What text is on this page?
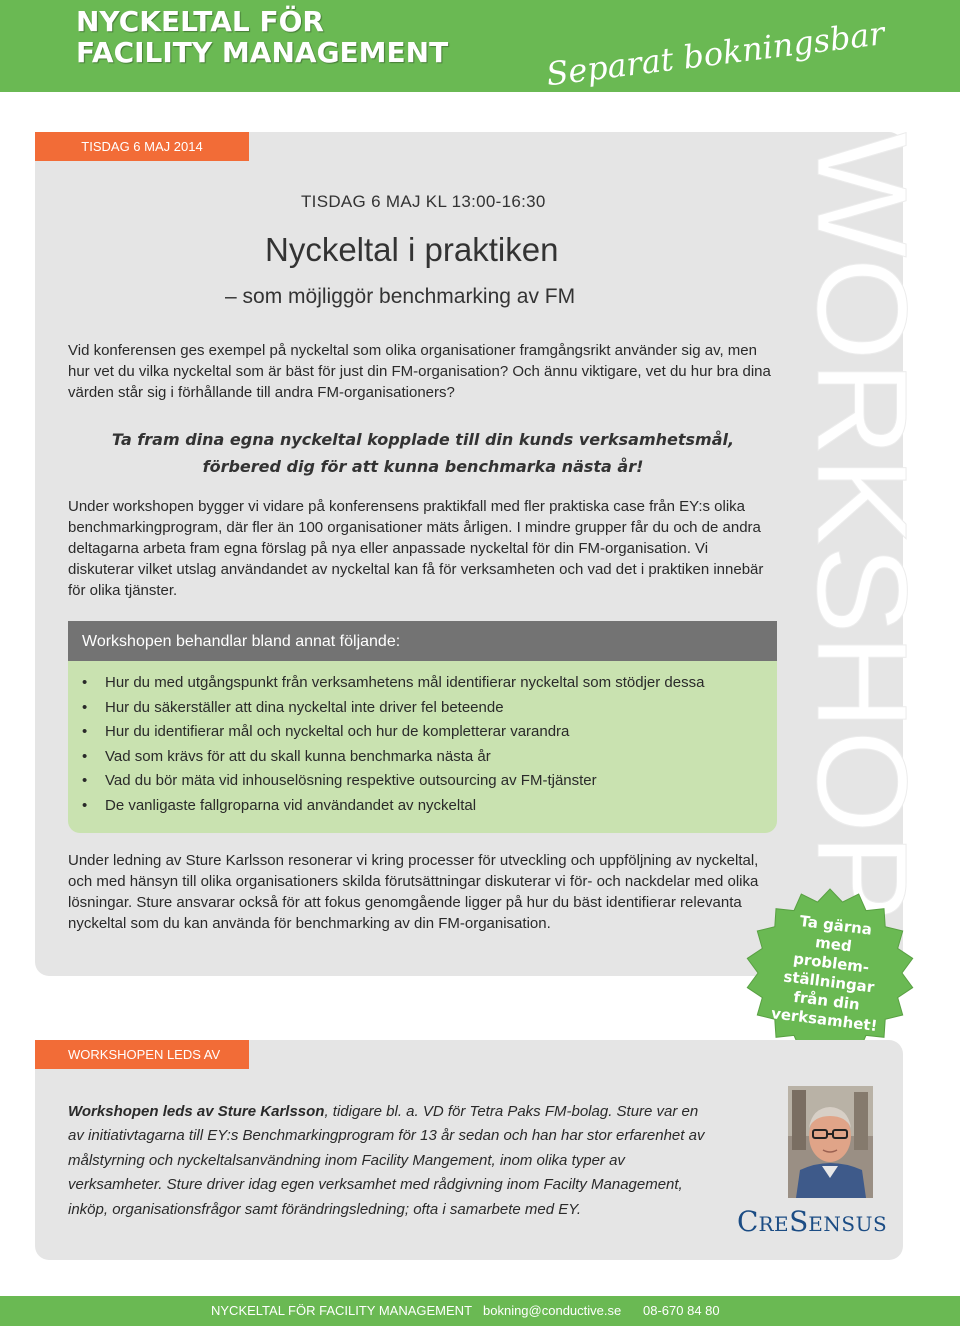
NYCKELTAL FÖR
FACILITY MANAGEMENT	Separat bokningsbar
TISDAG 6 MAJ 2014	WORKSHOP
TISDAG 6 MAJ KL 13:00-16:30
Nyckeltal i praktiken
– som möjliggör benchmarking av FM
Vid konferensen ges exempel på nyckeltal som olika organisationer framgångsrikt använder sig av, men hur vet du vilka nyckeltal som är bäst för just din FM-organisation? Och ännu viktigare, vet du hur bra dina värden står sig i förhållande till andra FM-organisationers?
Ta fram dina egna nyckeltal kopplade till din kunds verksamhetsmål,
förbered dig för att kunna benchmarka nästa år!
Under workshopen bygger vi vidare på konferensens praktikfall med fler praktiska case från EY:s olika benchmarkingprogram, där fler än 100 organisationer mäts årligen. I mindre grupper får du och de andra deltagarna arbeta fram egna förslag på nya eller anpassade nyckeltal för din FM-organisation. Vi diskuterar vilket utslag användandet av nyckeltal kan få för verksamheten och vad det i praktiken innebär för olika tjänster.
Workshopen behandlar bland annat följande:
• Hur du med utgångspunkt från verksamhetens mål identifierar nyckeltal som stödjer dessa
• Hur du säkerställer att dina nyckeltal inte driver fel beteende
• Hur du identifierar mål och nyckeltal och hur de kompletterar varandra
• Vad som krävs för att du skall kunna benchmarka nästa år
• Vad du bör mäta vid inhouselösning respektive outsourcing av FM-tjänster
• De vanligaste fallgroparna vid användandet av nyckeltal
Under ledning av Sture Karlsson resonerar vi kring processer för utveckling och uppföljning av nyckeltal, och med hänsyn till olika organisationers skilda förutsättningar diskuterar vi för- och nackdelar med olika lösningar. Sture ansvarar också för att fokus genomgående ligger på hur du bäst identifierar relevanta nyckeltal som du kan använda för benchmarking av din FM-organisation.	Ta gärna med problem-ställningar från din verksamhet!
WORKSHOPEN LEDS AV
Workshopen leds av Sture Karlsson, tidigare bl. a. VD för Tetra Paks FM-bolag. Sture var en av initiativtagarna till EY:s Benchmarkingprogram för 13 år sedan och han har stor erfarenhet av målstyrning och nyckeltalsanvändning inom Facility Mangement, inom olika typer av verksamheter. Sture driver idag egen verksamhet med rådgivning inom Facilty Management, inköp, organisationsfrågor samt förändringsledning; ofta i samarbete med EY.	CRESENSUS
NYCKELTAL FÖR FACILITY MANAGEMENT bokning@conductive.se 08-670 84 80
